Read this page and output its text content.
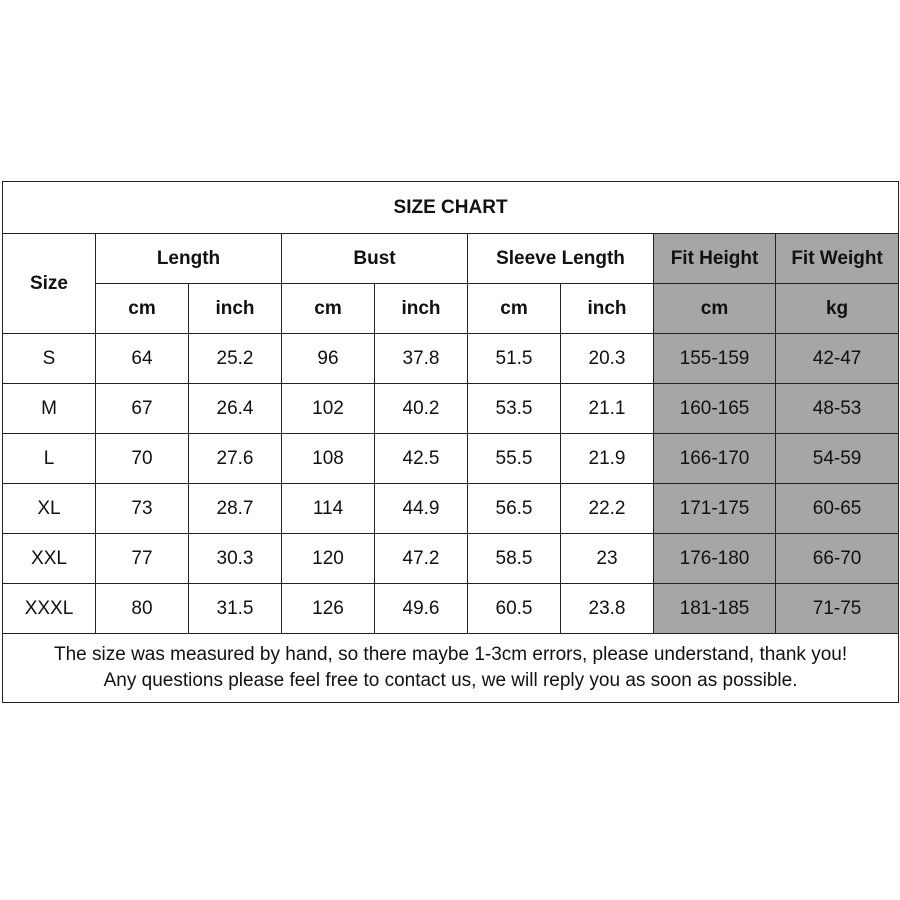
SIZE CHART								
Size	Length		Bust		Sleeve Length		Fit Height	Fit Weight
	cm	inch	cm	inch	cm	inch	cm	kg
S	64	25.2	96	37.8	51.5	20.3	155-159	42-47
M	67	26.4	102	40.2	53.5	21.1	160-165	48-53
L	70	27.6	108	42.5	55.5	21.9	166-170	54-59
XL	73	28.7	114	44.9	56.5	22.2	171-175	60-65
XXL	77	30.3	120	47.2	58.5	23	176-180	66-70
XXXL	80	31.5	126	49.6	60.5	23.8	181-185	71-75

The size was measured by hand, so there maybe 1-3cm errors, please understand, thank you!
Any questions please feel free to contact us, we will reply you as soon as possible.								
